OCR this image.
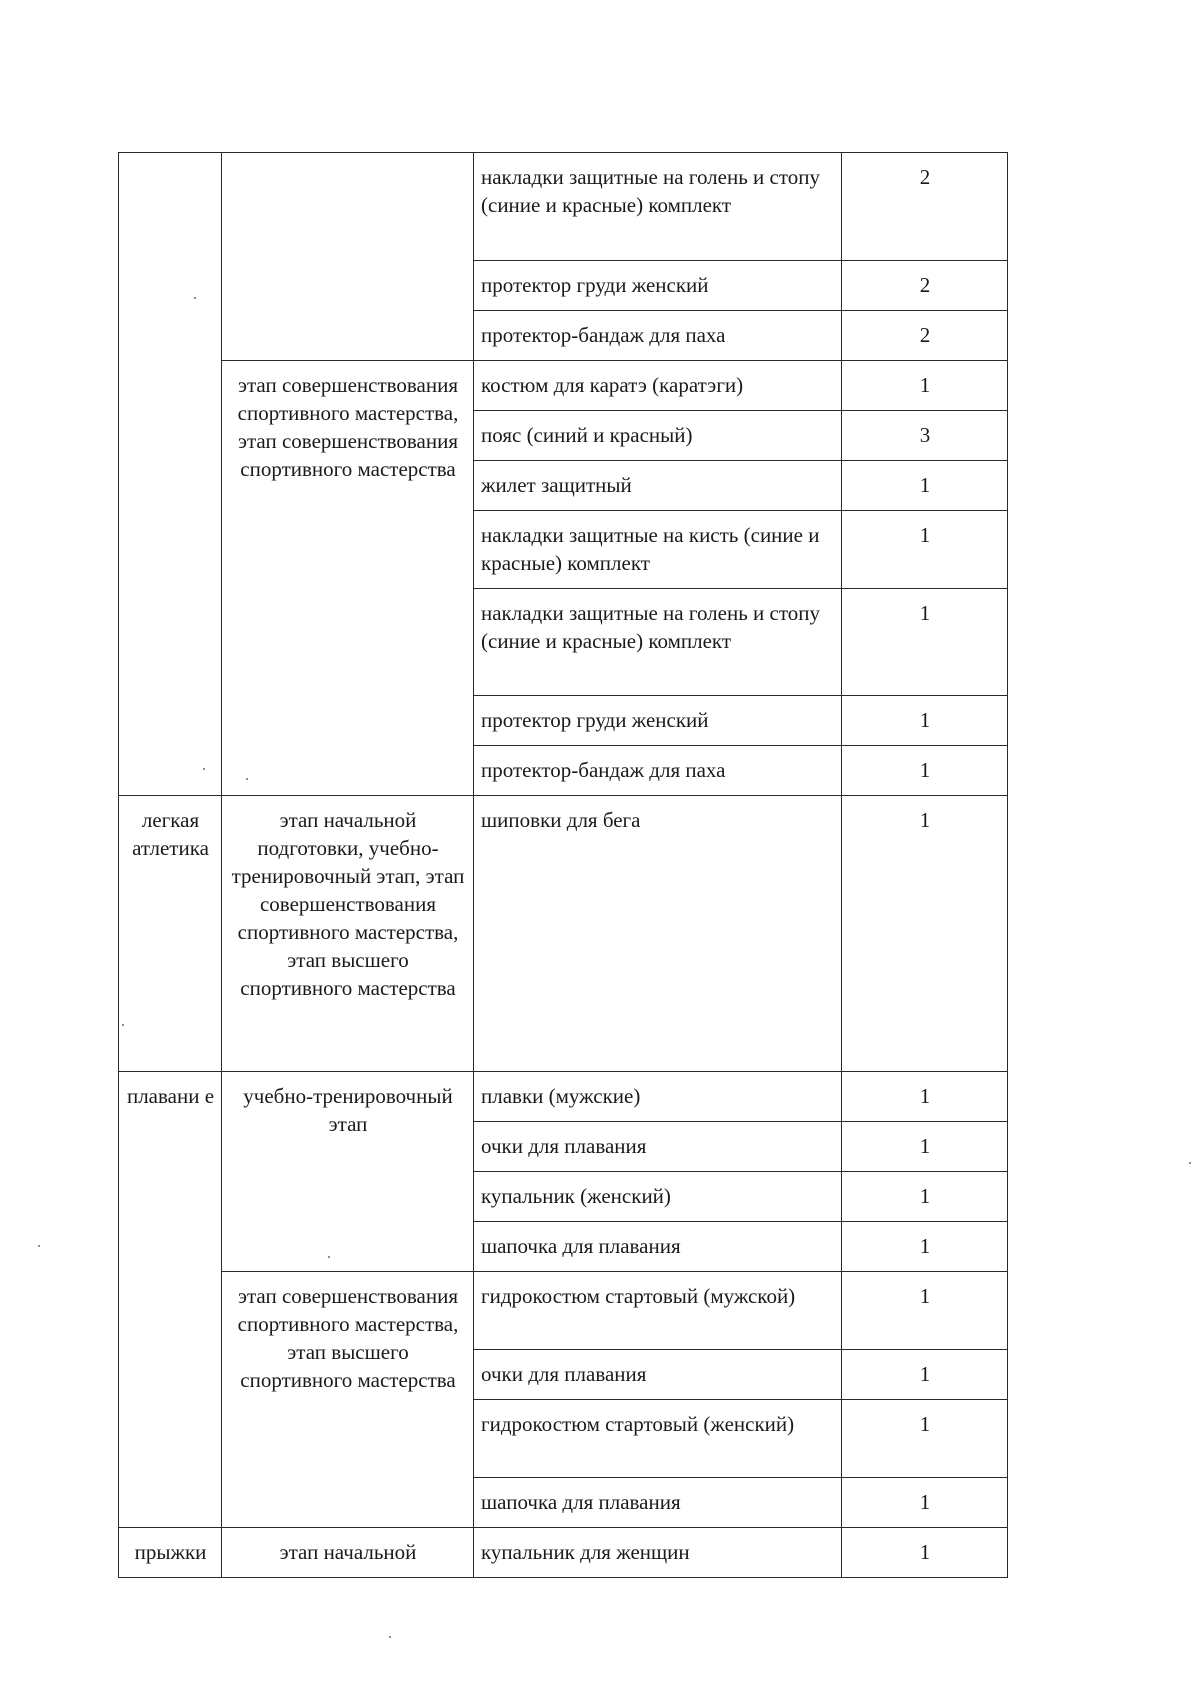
		накладки защитные на голень и стопу (синие и красные) комплект	2
		протектор груди женский	2
		протектор-бандаж для паха	2
	этап совершенствования спортивного мастерства, этап совершенствования спортивного мастерства	костюм для каратэ (каратэги)	1
		пояс (синий и красный)	3
		жилет защитный	1
		накладки защитные на кисть (синие и красные) комплект	1
		накладки защитные на голень и стопу (синие и красные) комплект	1
		протектор груди женский	1
		протектор-бандаж для паха	1
легкая атлетика	этап начальной подготовки, учебно-тренировочный этап, этап совершенствования спортивного мастерства, этап высшего спортивного мастерства	шиповки для бега	1
плавани е	учебно-тренировочный этап	плавки (мужские)	1
		очки для плавания	1
		купальник (женский)	1
		шапочка для плавания	1
	этап совершенствования спортивного мастерства, этап высшего спортивного мастерства	гидрокостюм стартовый (мужской)	1
		очки для плавания	1
		гидрокостюм стартовый (женский)	1
		шапочка для плавания	1
прыжки	этап начальной	купальник для женщин	1
